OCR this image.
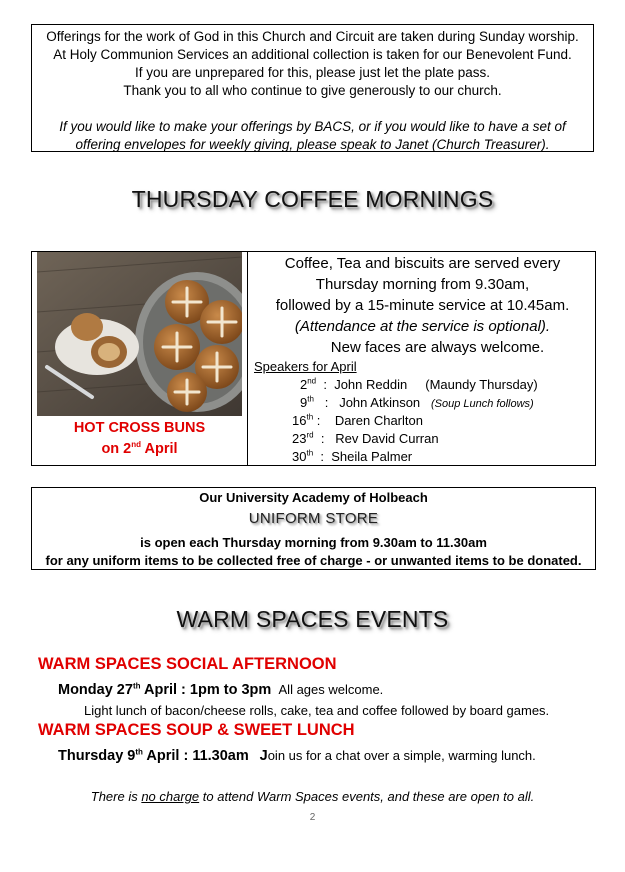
Offerings for the work of God in this Church and Circuit are taken during Sunday worship.
At Holy Communion Services an additional collection is taken for our Benevolent Fund.
If you are unprepared for this, please just let the plate pass.
Thank you to all who continue to give generously to our church.
If you would like to make your offerings by BACS, or if you would like to have a set of
offering envelopes for weekly giving, please speak to Janet (Church Treasurer).
THURSDAY COFFEE MORNINGS
HOT CROSS BUNS
on 2nd April
Coffee, Tea and biscuits are served every
Thursday morning from 9.30am,
followed by a 15-minute service at 10.45am.
(Attendance at the service is optional).
New faces are always welcome.
Speakers for April
2nd  :  John Reddin (Maundy Thursday)
9th   :   John Atkinson (Soup Lunch follows)
16th :    Daren Charlton
23rd  :   Rev David Curran
30th  :  Sheila Palmer
Our University Academy of Holbeach
UNIFORM STORE
is open each Thursday morning from 9.30am to 11.30am
for any uniform items to be collected free of charge - or unwanted items to be donated.
WARM SPACES EVENTS
WARM SPACES SOCIAL AFTERNOON
Monday 27th April : 1pm to 3pm All ages welcome.
Light lunch of bacon/cheese rolls, cake, tea and coffee followed by board games.
WARM SPACES SOUP & SWEET LUNCH
Thursday 9th April : 11.30am Join us for a chat over a simple, warming lunch.
There is no charge to attend Warm Spaces events, and these are open to all.
2
